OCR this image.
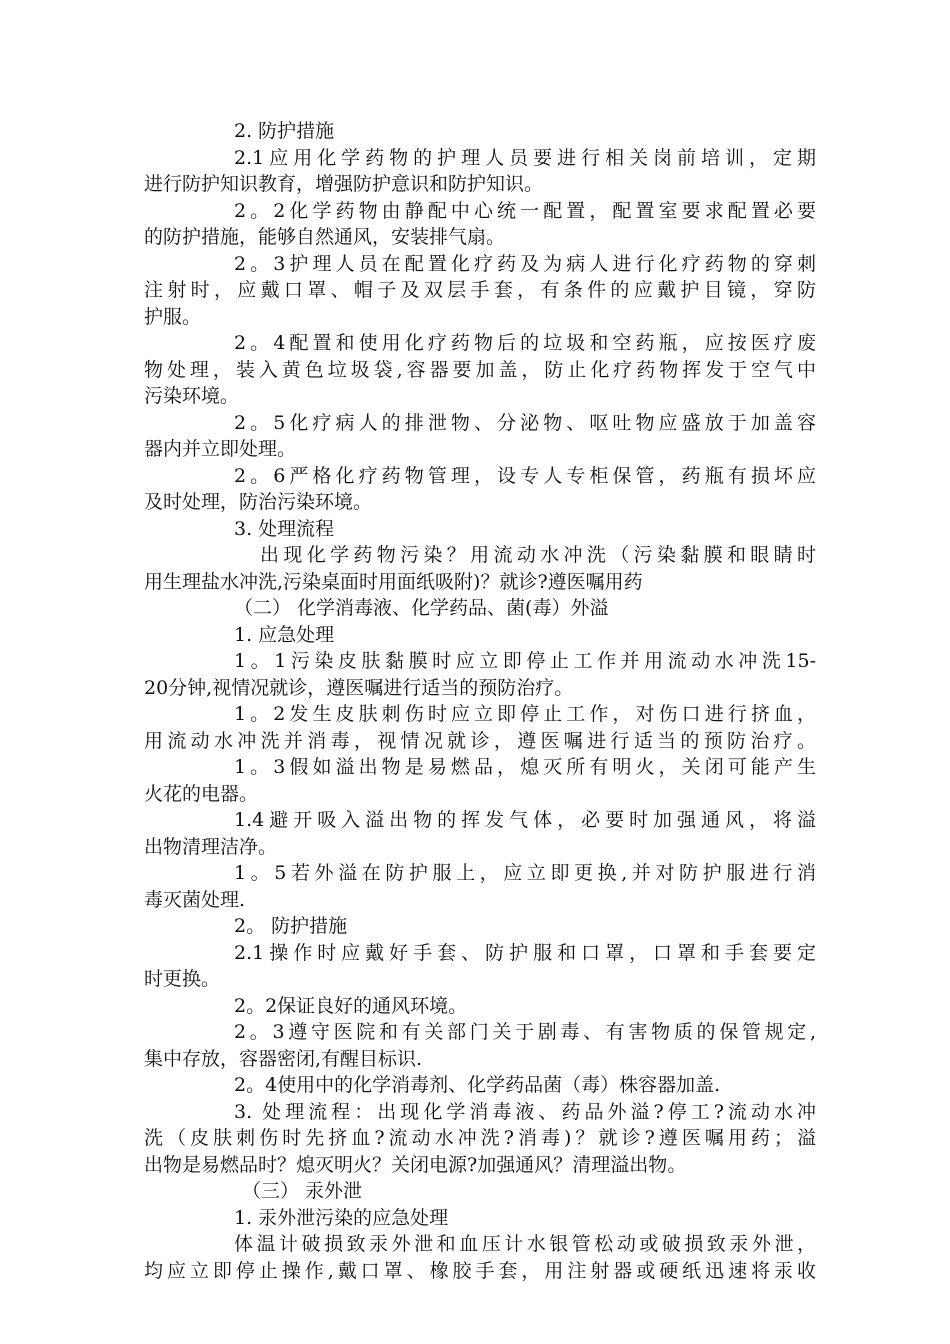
2. 防护措施
2.1应用化学药物的护理人员要进行相关岗前培训，定期
进行防护知识教育，增强防护意识和防护知识。
2。2化学药物由静配中心统一配置，配置室要求配置必要
的防护措施，能够自然通风，安装排气扇。
2。3护理人员在配置化疗药及为病人进行化疗药物的穿刺
注射时，应戴口罩、帽子及双层手套，有条件的应戴护目镜，穿防
护服。
2。4配置和使用化疗药物后的垃圾和空药瓶，应按医疗废
物处理，装入黄色垃圾袋,容器要加盖，防止化疗药物挥发于空气中
污染环境。
2。5化疗病人的排泄物、分泌物、呕吐物应盛放于加盖容
器内并立即处理。
2。6严格化疗药物管理，设专人专柜保管，药瓶有损坏应
及时处理，防治污染环境。
3. 处理流程
出现化学药物污染？用流动水冲洗（污染黏膜和眼睛时
用生理盐水冲洗,污染桌面时用面纸吸附)？就诊?遵医嘱用药
（二） 化学消毒液、化学药品、菌(毒）外溢
1. 应急处理
1。1污染皮肤黏膜时应立即停止工作并用流动水冲洗15-
20分钟,视情况就诊，遵医嘱进行适当的预防治疗。
1。2发生皮肤刺伤时应立即停止工作，对伤口进行挤血，
用流动水冲洗并消毒，视情况就诊，遵医嘱进行适当的预防治疗。
1。3假如溢出物是易燃品，熄灭所有明火，关闭可能产生
火花的电器。
1.4避开吸入溢出物的挥发气体，必要时加强通风，将溢
出物清理洁净。
1。5若外溢在防护服上，应立即更换,并对防护服进行消
毒灭菌处理.
2。 防护措施
2.1操作时应戴好手套、防护服和口罩，口罩和手套要定
时更换。
2。2保证良好的通风环境。
2。3遵守医院和有关部门关于剧毒、有害物质的保管规定,
集中存放，容器密闭,有醒目标识.
2。4使用中的化学消毒剂、化学药品菌（毒）株容器加盖.
3. 处理流程：出现化学消毒液、药品外溢?停工?流动水冲
洗（皮肤刺伤时先挤血?流动水冲洗?消毒)？就诊?遵医嘱用药；溢
出物是易燃品时？熄灭明火？关闭电源?加强通风？清理溢出物。
（三） 汞外泄
1. 汞外泄污染的应急处理
体温计破损致汞外泄和血压计水银管松动或破损致汞外泄，
均应立即停止操作,戴口罩、橡胶手套，用注射器或硬纸迅速将汞收
